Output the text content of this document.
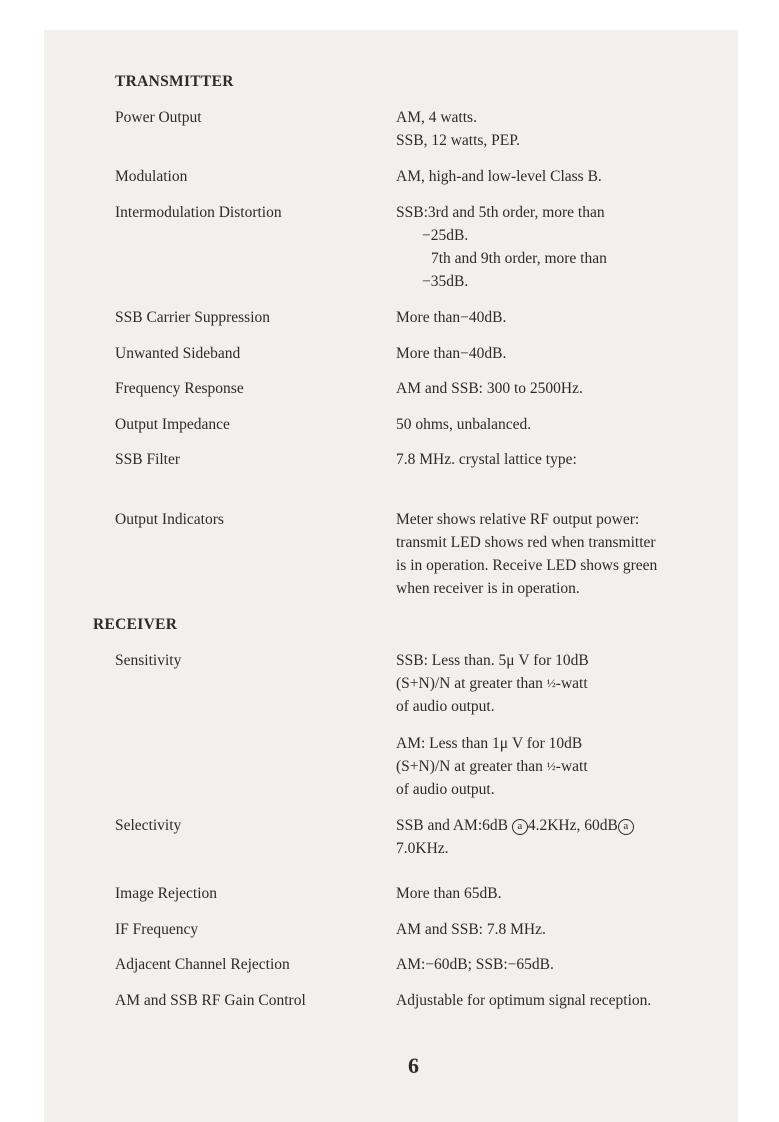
TRANSMITTER
Power Output	AM, 4 watts.
SSB, 12 watts, PEP.
Modulation	AM, high-and low-level Class B.
Intermodulation Distortion	SSB:3rd and 5th order, more than
−25dB.
7th and 9th order, more than
−35dB.
SSB Carrier Suppression	More than−40dB.
Unwanted Sideband	More than−40dB.
Frequency Response	AM and SSB: 300 to 2500Hz.
Output Impedance	50 ohms, unbalanced.
SSB Filter	7.8 MHz. crystal lattice type:
Output Indicators	Meter shows relative RF output power:
transmit LED shows red when transmitter
is in operation. Receive LED shows green
when receiver is in operation.
RECEIVER
Sensitivity	SSB: Less than. 5μ V for 10dB
(S+N)/N at greater than ½-watt
of audio output.
AM: Less than 1μ V for 10dB
(S+N)/N at greater than ½-watt
of audio output.
Selectivity	SSB and AM:6dB a 4.2KHz, 60dB a
7.0KHz.
Image Rejection	More than 65dB.
IF Frequency	AM and SSB: 7.8 MHz.
Adjacent Channel Rejection	AM:−60dB; SSB:−65dB.
AM and SSB RF Gain Control	Adjustable for optimum signal reception.
6
